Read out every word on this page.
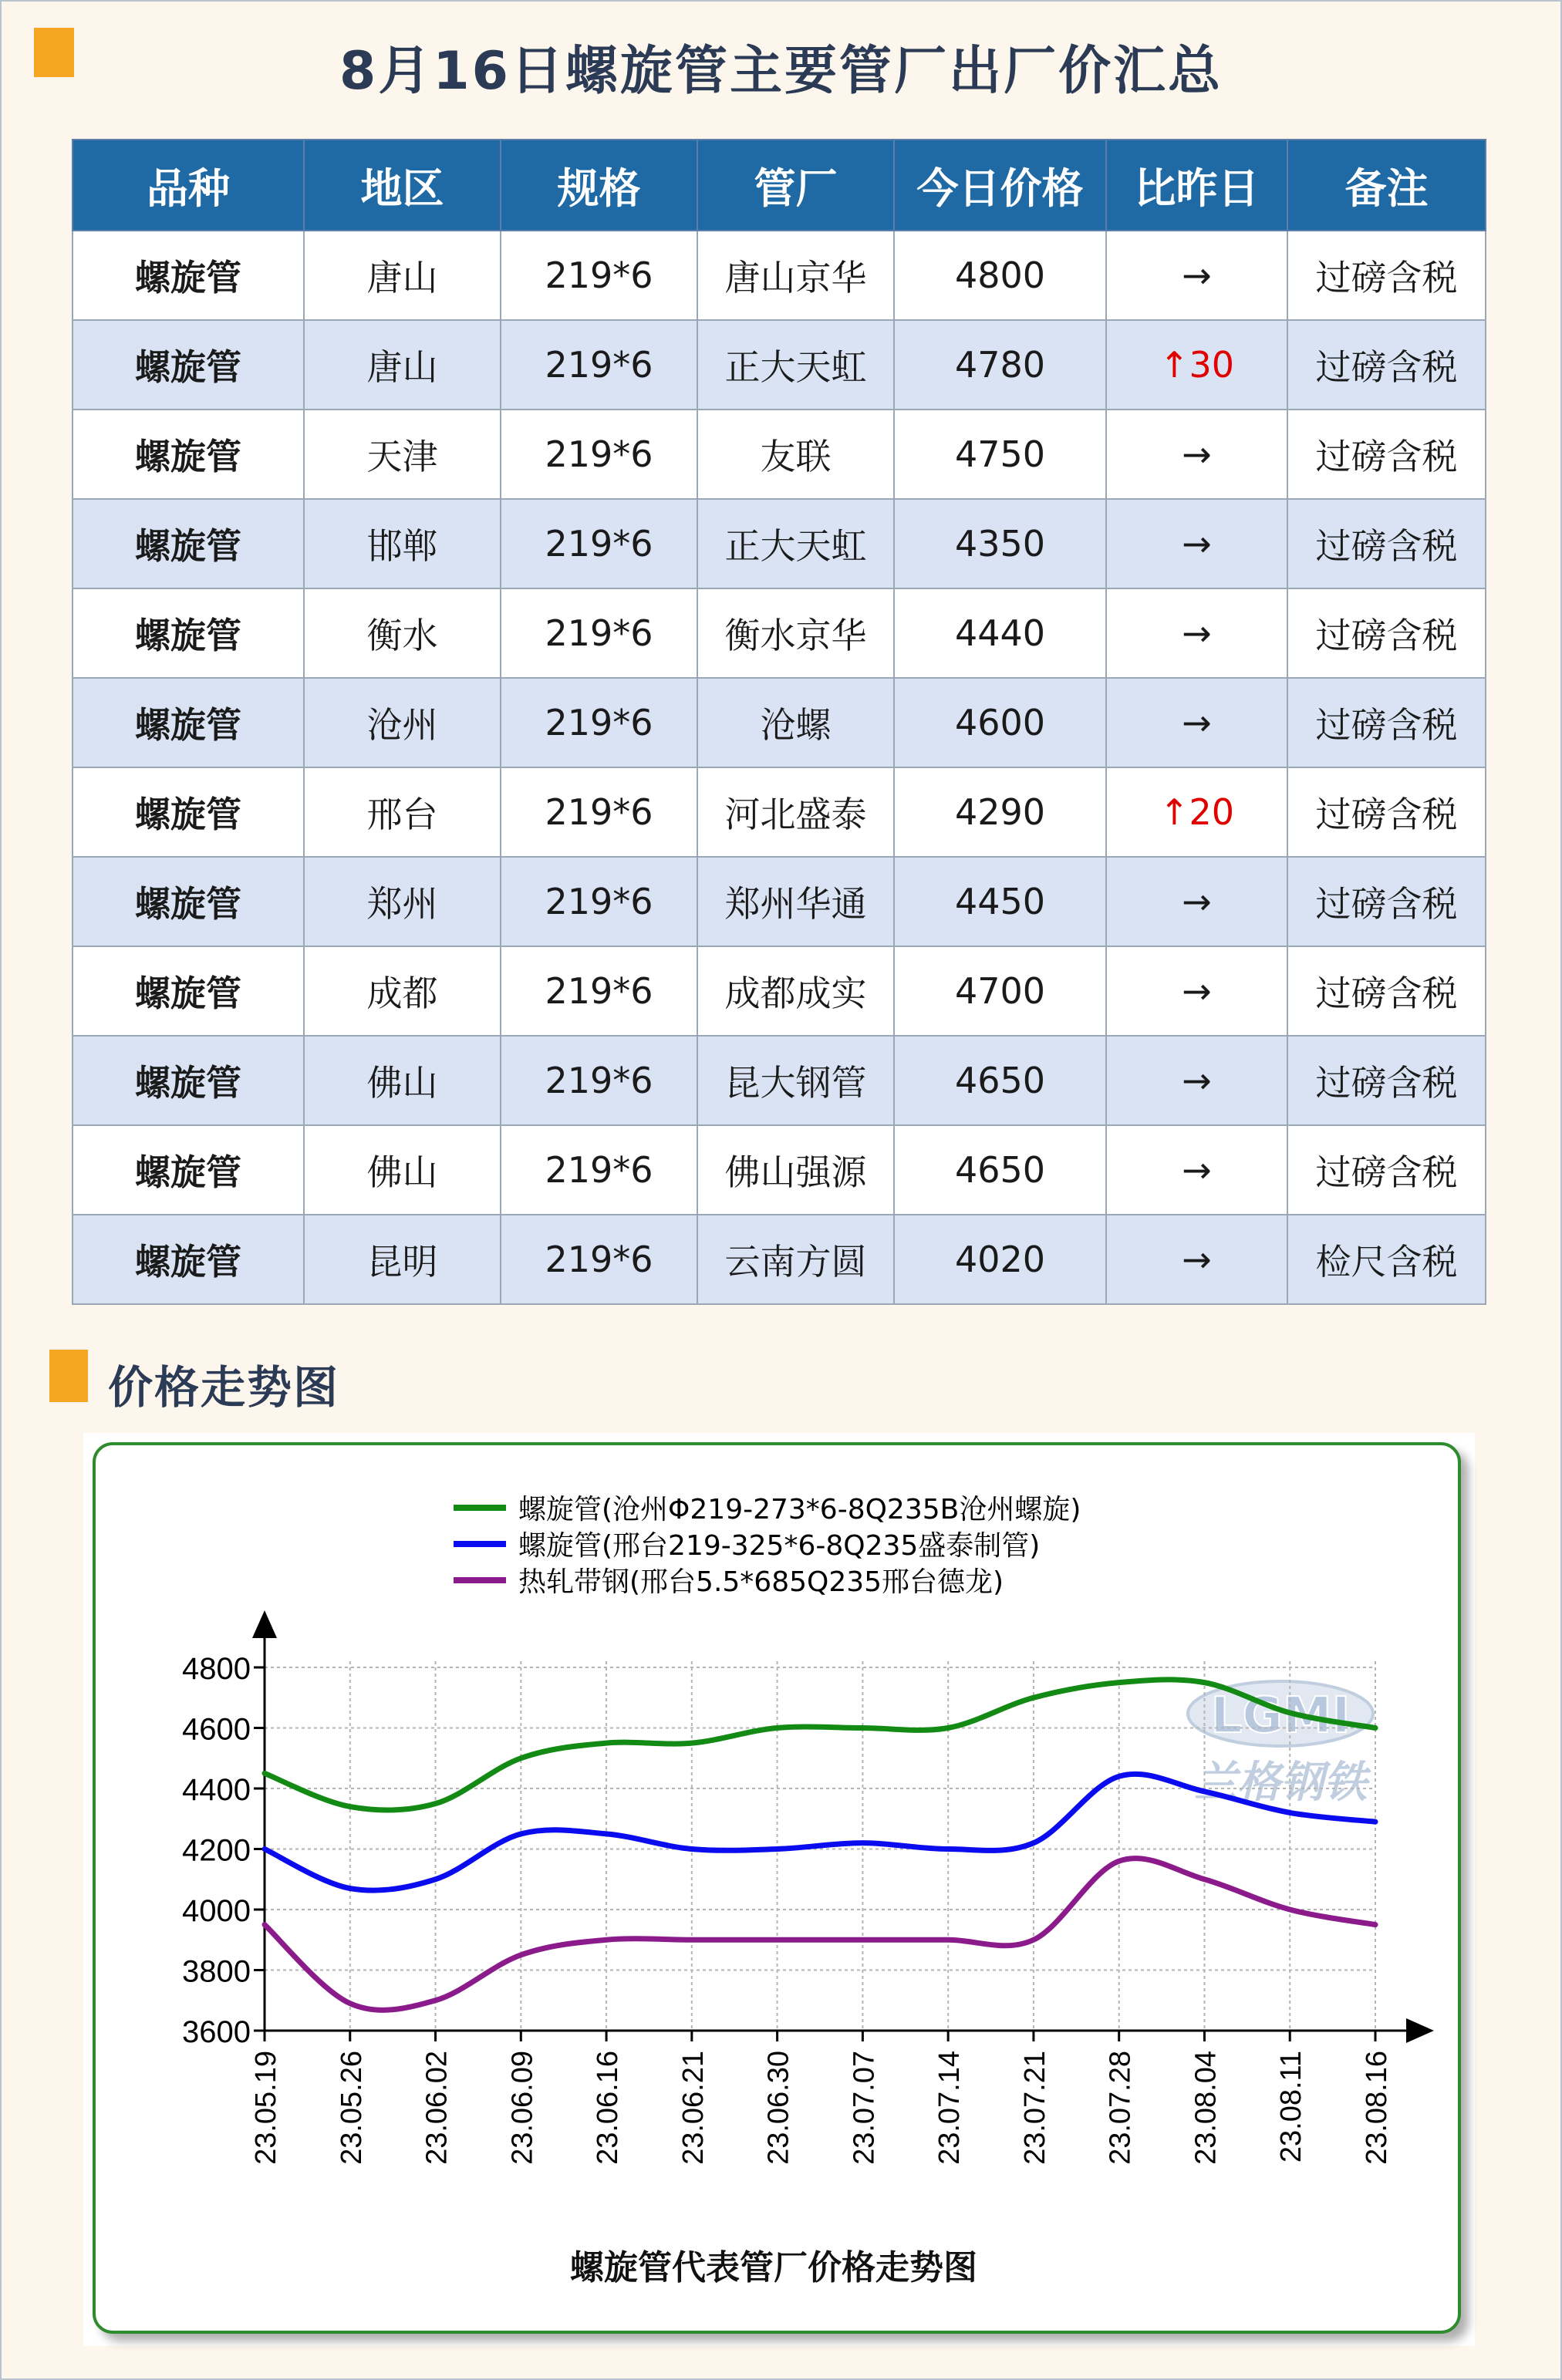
8月16日螺旋管主要管厂出厂价汇总
品种	地区	规格	管厂	今日价格	比昨日	备注
螺旋管	唐山	219*6	唐山京华	4800	→	过磅含税
螺旋管	唐山	219*6	正大天虹	4780	↑30	过磅含税
螺旋管	天津	219*6	友联	4750	→	过磅含税
螺旋管	邯郸	219*6	正大天虹	4350	→	过磅含税
螺旋管	衡水	219*6	衡水京华	4440	→	过磅含税
螺旋管	沧州	219*6	沧螺	4600	→	过磅含税
螺旋管	邢台	219*6	河北盛泰	4290	↑20	过磅含税
螺旋管	郑州	219*6	郑州华通	4450	→	过磅含税
螺旋管	成都	219*6	成都成实	4700	→	过磅含税
螺旋管	佛山	219*6	昆大钢管	4650	→	过磅含税
螺旋管	佛山	219*6	佛山强源	4650	→	过磅含税
螺旋管	昆明	219*6	云南方圆	4020	→	检尺含税
价格走势图
LGMI
兰格钢铁
3600
3800
4000
4200
4400
4600
4800
23.05.19 23.05.26 23.06.02 23.06.09 23.06.16 23.06.21 23.06.30 23.07.07 23.07.14 23.07.21 23.07.28 23.08.04 23.08.11 23.08.16
螺旋管(沧州Φ219-273*6-8Q235B沧州螺旋)
螺旋管(邢台219-325*6-8Q235盛泰制管)
热轧带钢(邢台5.5*685Q235邢台德龙)
螺旋管代表管厂价格走势图
